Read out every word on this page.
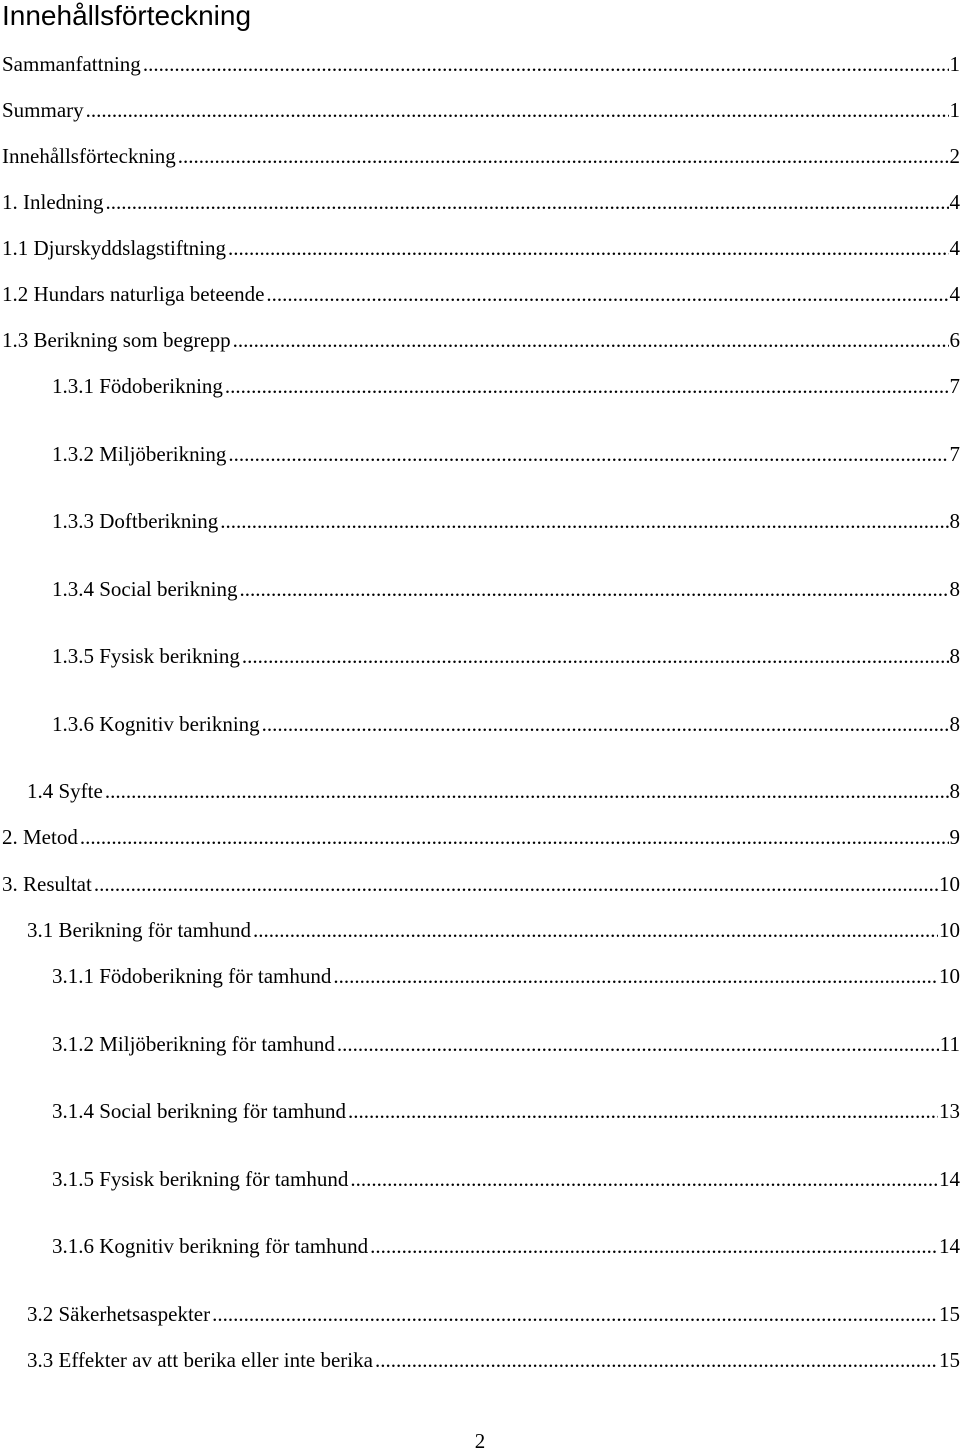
Innehållsförteckning
Sammanfattning .....	1
Summary .....	1
Innehållsförteckning .....	2
1. Inledning .....	4
1.1 Djurskyddslagstiftning .....	4
1.2 Hundars naturliga beteende .....	4
1.3 Berikning som begrepp .....	6
1.3.1 Födoberikning .....	7
1.3.2 Miljöberikning .....	7
1.3.3 Doftberikning .....	8
1.3.4 Social berikning .....	8
1.3.5 Fysisk berikning .....	8
1.3.6 Kognitiv berikning .....	8
1.4 Syfte .....	8
2. Metod .....	9
3. Resultat .....	10
3.1 Berikning för tamhund .....	10
3.1.1 Födoberikning för tamhund .....	10
3.1.2 Miljöberikning för tamhund .....	11
3.1.4 Social berikning för tamhund .....	13
3.1.5 Fysisk berikning för tamhund .....	14
3.1.6 Kognitiv berikning för tamhund .....	14
3.2 Säkerhetsaspekter .....	15
3.3 Effekter av att berika eller inte berika .....	15
2
